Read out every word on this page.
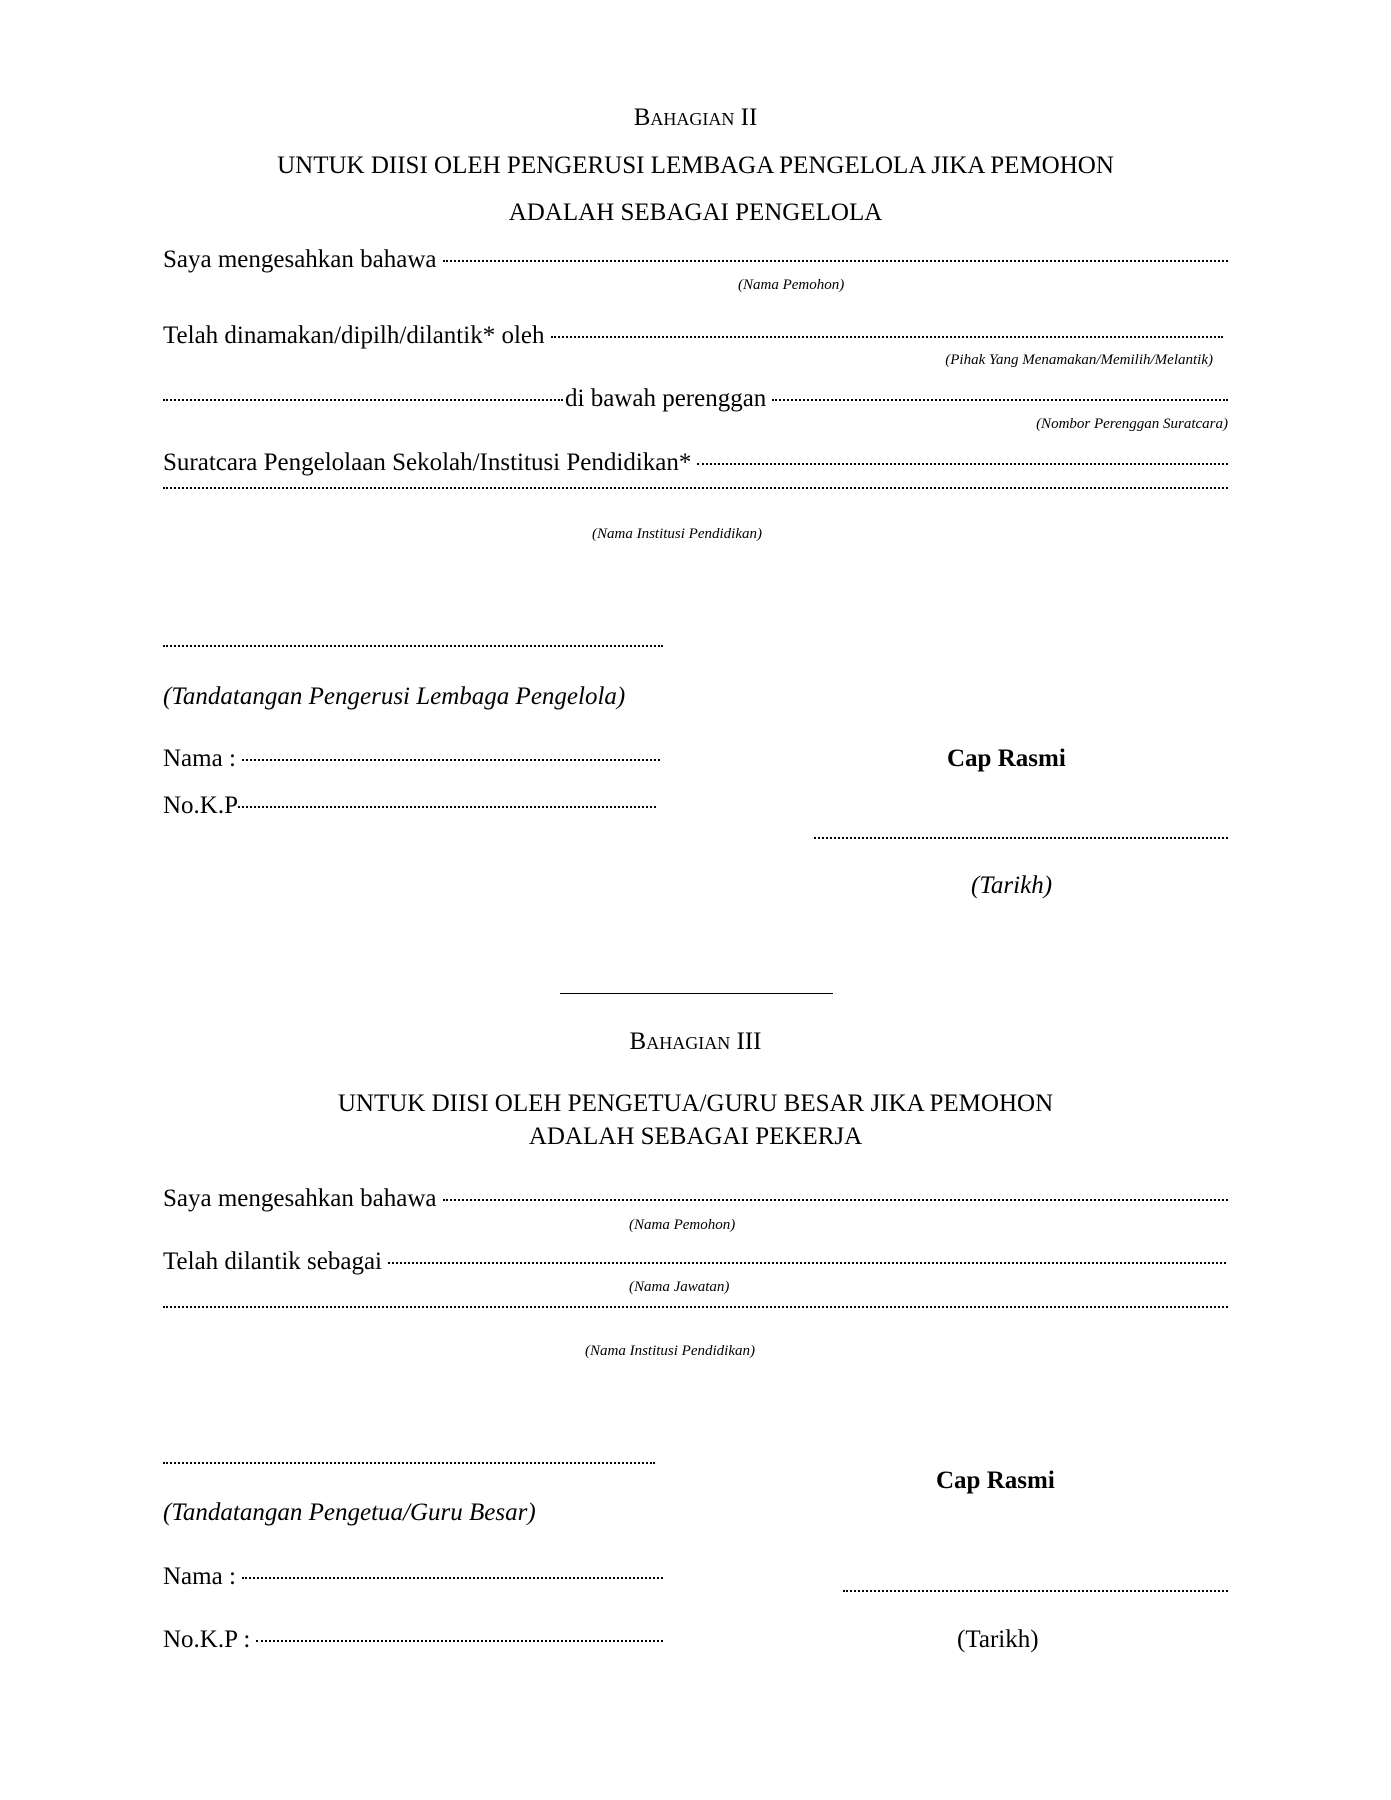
Bahagian II
UNTUK DIISI OLEH PENGERUSI LEMBAGA PENGELOLA JIKA PEMOHON
ADALAH SEBAGAI PENGELOLA
Saya mengesahkan bahawa
(Nama Pemohon)
Telah dinamakan/dipilh/dilantik* oleh
(Pihak Yang Menamakan/Memilih/Melantik)
di bawah perenggan
(Nombor Perenggan Suratcara)
Suratcara Pengelolaan Sekolah/Institusi Pendidikan*
(Nama Institusi Pendidikan)
(Tandatangan Pengerusi Lembaga Pengelola)
Nama :	Cap Rasmi
No.K.P
(Tarikh)
Bahagian III
UNTUK DIISI OLEH PENGETUA/GURU BESAR JIKA PEMOHON
ADALAH SEBAGAI PEKERJA
Saya mengesahkan bahawa
(Nama Pemohon)
Telah dilantik sebagai
(Nama Jawatan)
(Nama Institusi Pendidikan)
Cap Rasmi
(Tandatangan Pengetua/Guru Besar)
Nama :
No.K.P :	(Tarikh)
